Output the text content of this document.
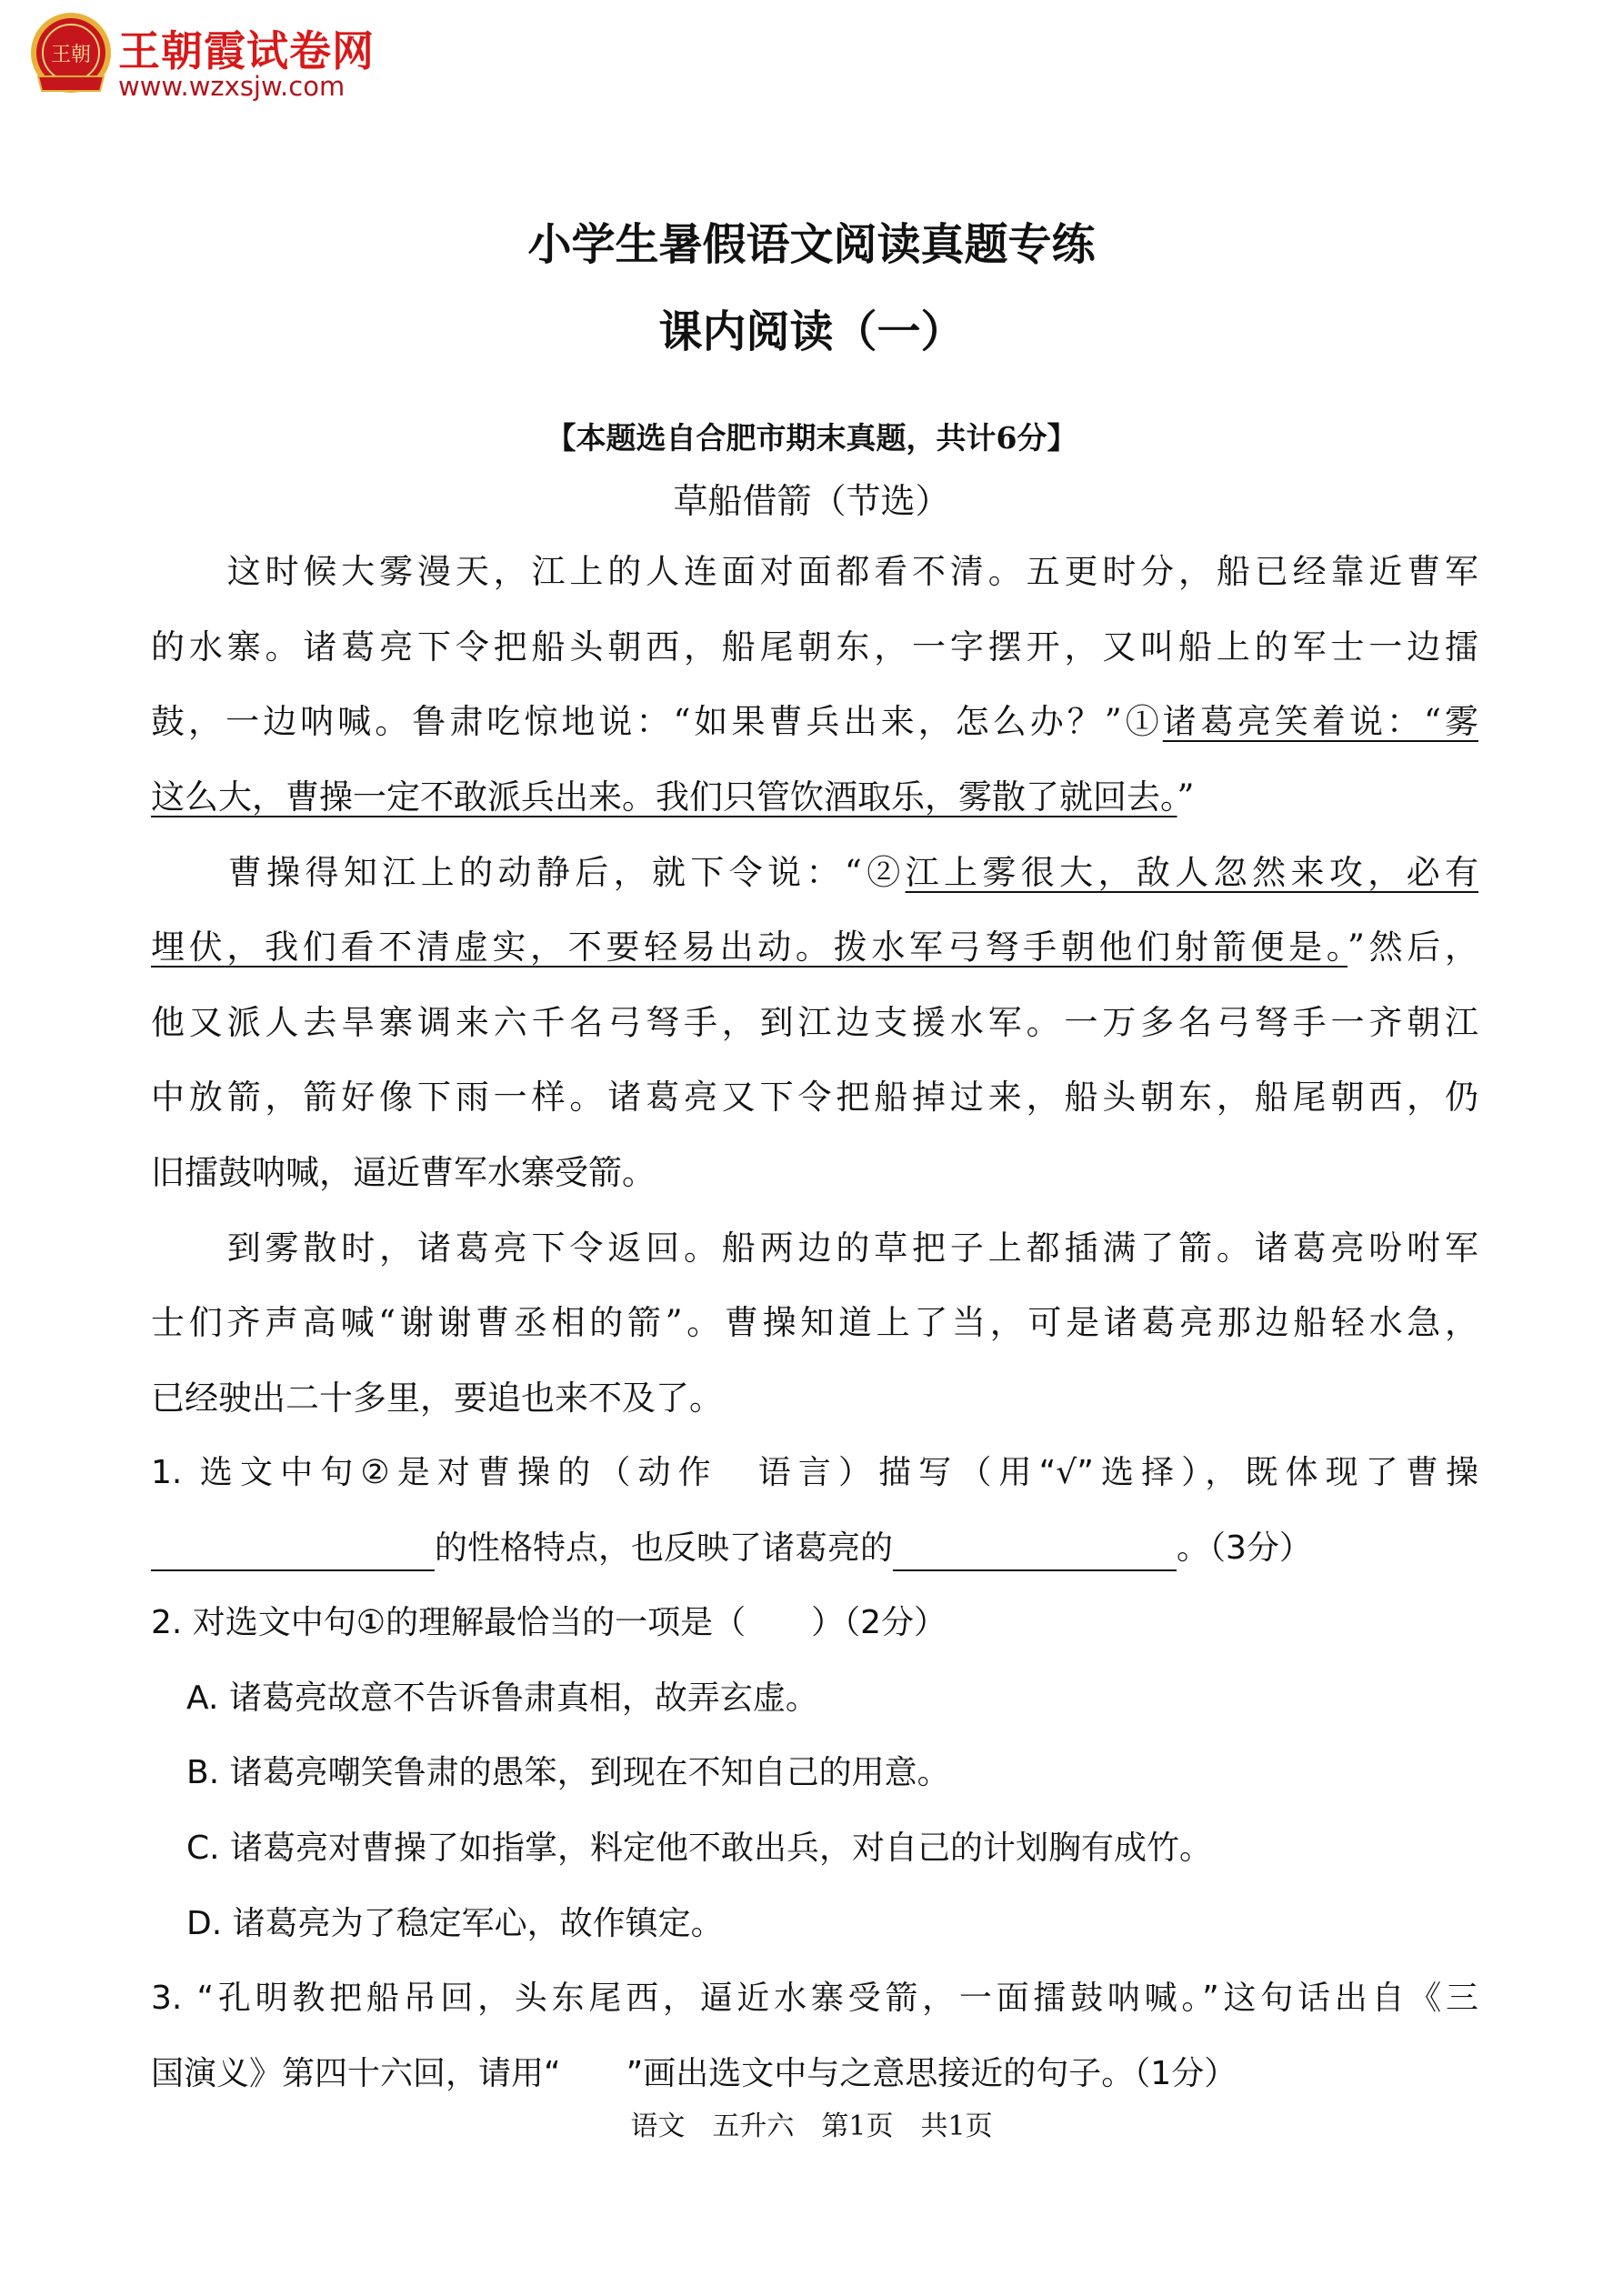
王朝 王朝霞试卷网
www.wzxsjw.com
小学生暑假语文阅读真题专练
课内阅读（一）
【本题选自合肥市期末真题，共计6分】
草船借箭（节选）
　　这时候大雾漫天，江上的人连面对面都看不清。五更时分，船已经靠近曹军
的水寨。诸葛亮下令把船头朝西，船尾朝东，一字摆开，又叫船上的军士一边擂
鼓，一边呐喊。鲁肃吃惊地说：“如果曹兵出来，怎么办？”①诸葛亮笑着说：“雾
这么大，曹操一定不敢派兵出来。我们只管饮酒取乐，雾散了就回去。”
　　曹操得知江上的动静后，就下令说：“②江上雾很大，敌人忽然来攻，必有
埋伏，我们看不清虚实，不要轻易出动。拨水军弓弩手朝他们射箭便是。”然后，
他又派人去旱寨调来六千名弓弩手，到江边支援水军。一万多名弓弩手一齐朝江
中放箭，箭好像下雨一样。诸葛亮又下令把船掉过来，船头朝东，船尾朝西，仍
旧擂鼓呐喊，逼近曹军水寨受箭。
　　到雾散时，诸葛亮下令返回。船两边的草把子上都插满了箭。诸葛亮吩咐军
士们齐声高喊“谢谢曹丞相的箭”。曹操知道上了当，可是诸葛亮那边船轻水急，
已经驶出二十多里，要追也来不及了。
1. 选文中句②是对曹操的（动作　语言）描写（用“√”选择），既体现了曹操
的性格特点，也反映了诸葛亮的	。（3分）
2. 对选文中句①的理解最恰当的一项是（　　）（2分）
A. 诸葛亮故意不告诉鲁肃真相，故弄玄虚。
B. 诸葛亮嘲笑鲁肃的愚笨，到现在不知自己的用意。
C. 诸葛亮对曹操了如指掌，料定他不敢出兵，对自己的计划胸有成竹。
D. 诸葛亮为了稳定军心，故作镇定。
3. “孔明教把船吊回，头东尾西，逼近水寨受箭，一面擂鼓呐喊。”这句话出自《三
国演义》第四十六回，请用“　　”画出选文中与之意思接近的句子。（1分）
语文　五升六　第1页　共1页
